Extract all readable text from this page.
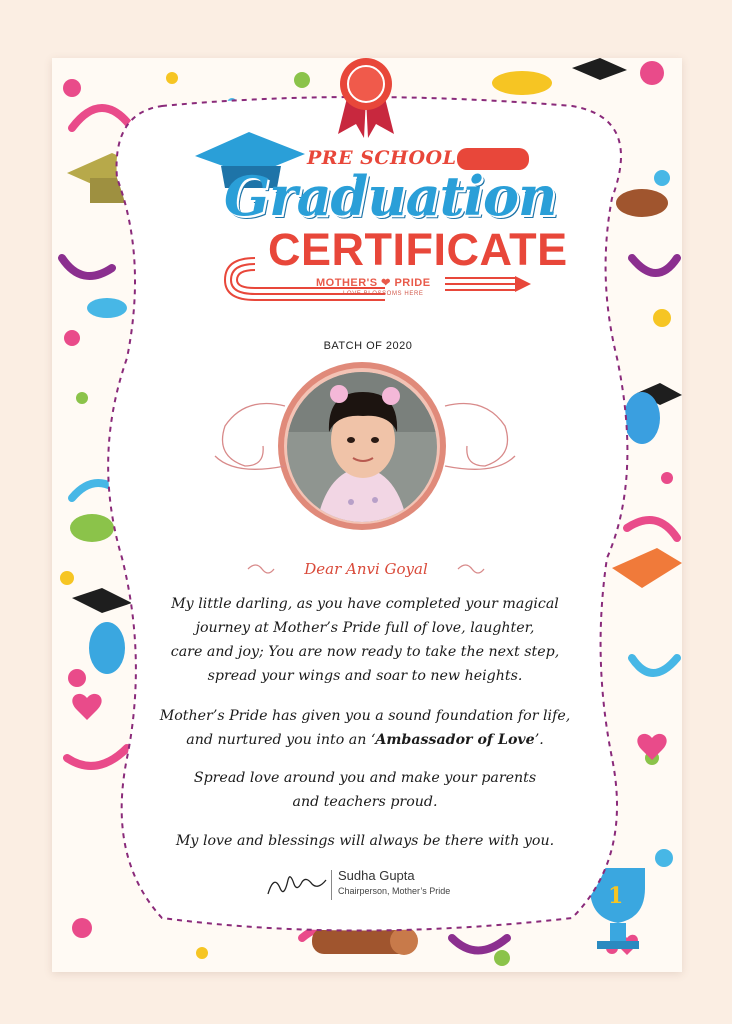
1
PRE SCHOOL
Graduation
CERTIFICATE
MOTHER'S ❤ PRIDE
LOVE BLOSSOMS HERE
BATCH OF 2020
Dear Anvi Goyal
My little darling, as you have completed your magical
journey at Mother’s Pride full of love, laughter,
care and joy; You are now ready to take the next step,
spread your wings and soar to new heights.
Mother’s Pride has given you a sound foundation for life,
and nurtured you into an ‘Ambassador of Love’.
Spread love around you and make your parents
and teachers proud.
My love and blessings will always be there with you.
Sudha Gupta
Chairperson, Mother’s Pride
